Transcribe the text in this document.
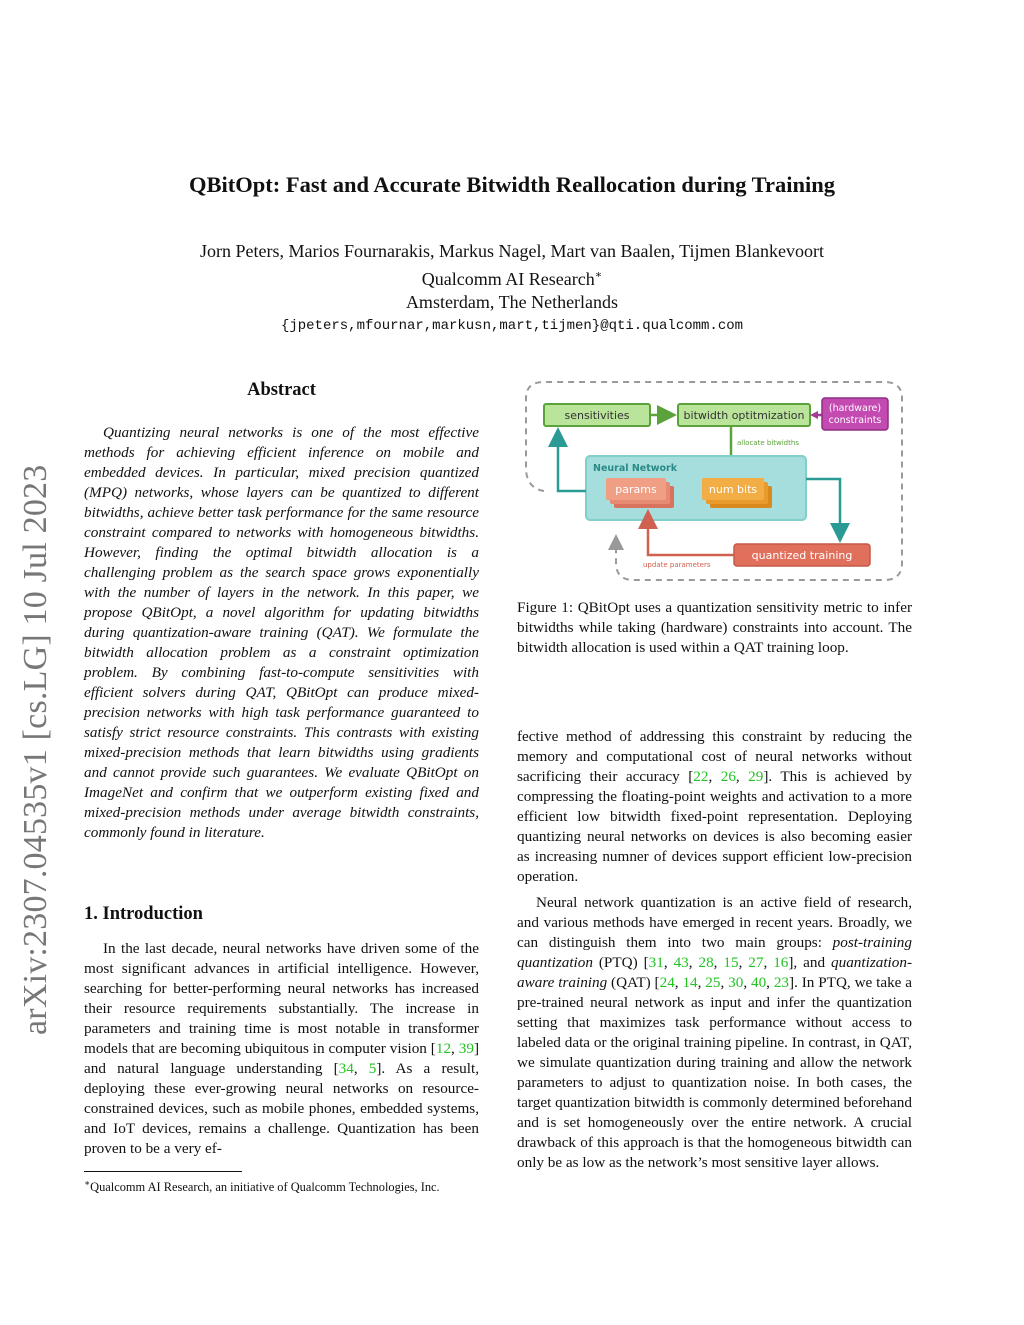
arXiv:2307.04535v1 [cs.LG] 10 Jul 2023
QBitOpt: Fast and Accurate Bitwidth Reallocation during Training
Jorn Peters, Marios Fournarakis, Markus Nagel, Mart van Baalen, Tijmen Blankevoort
Qualcomm AI Research∗
Amsterdam, The Netherlands
{jpeters,mfournar,markusn,mart,tijmen}@qti.qualcomm.com
Abstract

Quantizing neural networks is one of the most effective methods for achieving efficient inference on mobile and embedded devices. In particular, mixed precision quantized (MPQ) networks, whose layers can be quantized to different bitwidths, achieve better task performance for the same resource constraint compared to networks with homogeneous bitwidths. However, finding the optimal bitwidth allocation is a challenging problem as the search space grows exponentially with the number of layers in the network. In this paper, we propose QBitOpt, a novel algorithm for updating bitwidths during quantization-aware training (QAT). We formulate the bitwidth allocation problem as a constraint optimization problem. By combining fast-to-compute sensitivities with efficient solvers during QAT, QBitOpt can produce mixed-precision networks with high task performance guaranteed to satisfy strict resource constraints. This contrasts with existing mixed-precision methods that learn bitwidths using gradients and cannot provide such guarantees. We evaluate QBitOpt on ImageNet and confirm that we outperform existing fixed and mixed-precision methods under average bitwidth constraints, commonly found in literature.

1. Introduction

In the last decade, neural networks have driven some of the most significant advances in artificial intelligence. However, searching for better-performing neural networks has increased their resource requirements substantially. The increase in parameters and training time is most notable in transformer models that are becoming ubiquitous in computer vision [12, 39] and natural language understanding [34, 5]. As a result, deploying these ever-growing neural networks on resource-constrained devices, such as mobile phones, embedded systems, and IoT devices, remains a challenge. Quantization has been proven to be a very ef-

∗Qualcomm AI Research, an initiative of Qualcomm Technologies, Inc.
sensitivities	bitwidth optitmization
(hardware)
constraints
allocate bitwidths
Neural Network
params	num bits
quantized training
update parameters
Figure 1: QBitOpt uses a quantization sensitivity metric to infer bitwidths while taking (hardware) constraints into account. The bitwidth allocation is used within a QAT training loop.

fective method of addressing this constraint by reducing the memory and computational cost of neural networks without sacrificing their accuracy [22, 26, 29]. This is achieved by compressing the floating-point weights and activation to a more efficient low bitwidth fixed-point representation. Deploying quantizing neural networks on devices is also becoming easier as increasing numner of devices support efficient low-precision operation.

Neural network quantization is an active field of research, and various methods have emerged in recent years. Broadly, we can distinguish them into two main groups: post-training quantization (PTQ) [31, 43, 28, 15, 27, 16], and quantization-aware training (QAT) [24, 14, 25, 30, 40, 23]. In PTQ, we take a pre-trained neural network as input and infer the quantization setting that maximizes task performance without access to labeled data or the original training pipeline. In contrast, in QAT, we simulate quantization during training and allow the network parameters to adjust to quantization noise. In both cases, the target quantization bitwidth is commonly determined beforehand and is set homogeneously over the entire network. A crucial drawback of this approach is that the homogeneous bitwidth can only be as low as the network’s most sensitive layer allows.
